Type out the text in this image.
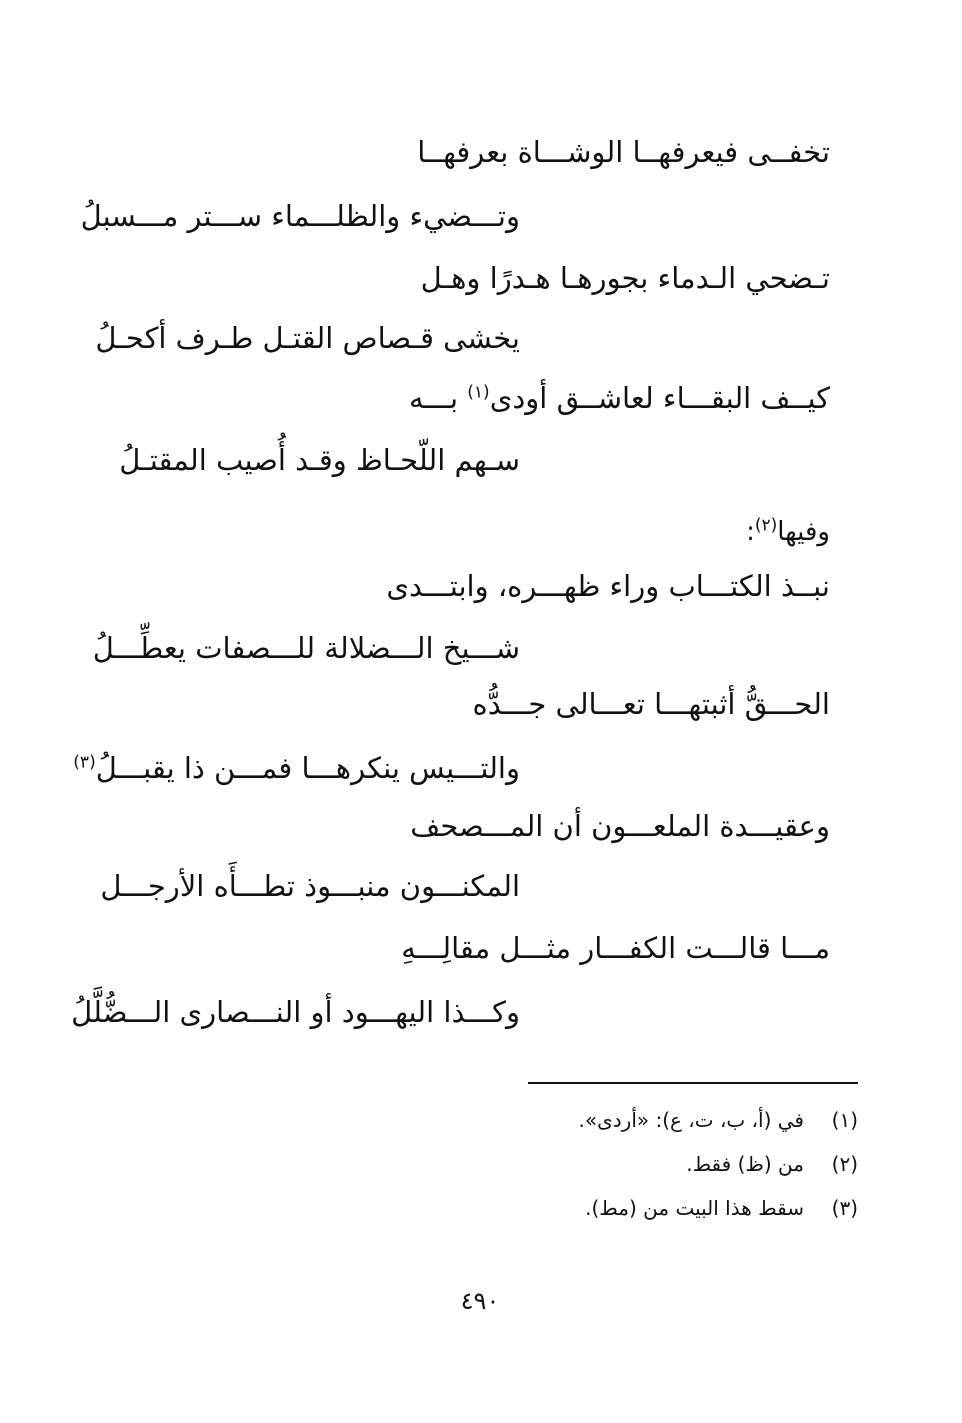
تخفــى فيعرفهــا الوشـــاة بعرفهــا
وتـــضيء والظلـــماء ســـتر مـــسبلُ
تـضحي الـدماء بجورهـا هـدرًا وهـل
يخشى قـصاص القتـل طـرف أكحـلُ
كيــف البقـــاء لعاشــق أودى$^{(١)}$ بـــه
سـهم اللّحـاظ وقـد أُصيب المقتـلُ
وفيها$^{(٢)}$:
نبــذ الكتـــاب وراء ظهـــره، وابتـــدى
شـــيخ الـــضلالة للـــصفات يعطِّـــلُ
الحـــقُّ أثبتهـــا تعـــالى جـــدُّه
والتـــيس ينكرهـــا فمـــن ذا يقبـــلُ$^{(٣)}$
وعقيـــدة الملعـــون أن المـــصحف
المكنـــون منبـــوذ تطـــأَه الأرجـــل
مـــا قالـــت الكفـــار مثـــل مقالِـــهِ
وكـــذا اليهـــود أو النـــصارى الـــضُّلَّلُ
(١)في (أ، ب، ت، ع): «أردى».
(٢)من (ظ) فقط.
(٣)سقط هذا البيت من (مط).
٤٩٠
